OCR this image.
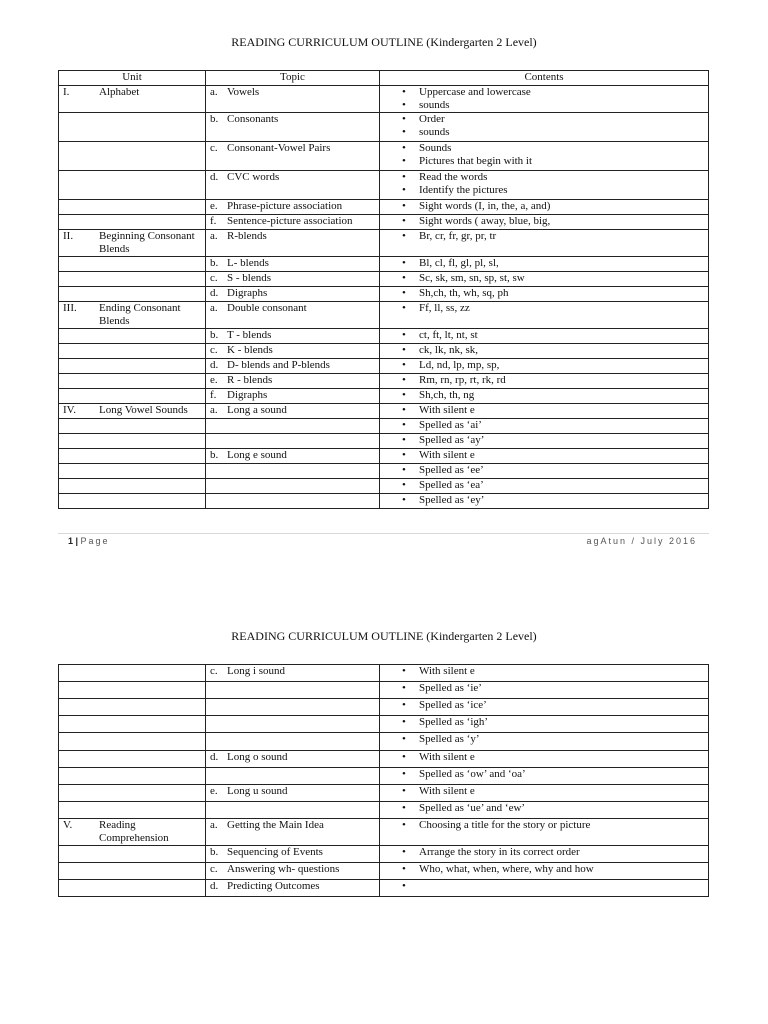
READING CURRICULUM OUTLINE (Kindergarten 2 Level)
Unit	Topic	Contents
I. Alphabet	a. Vowels	• Uppercase and lowercase
• sounds

	b. Consonants	• Order
• sounds

	c. Consonant-Vowel Pairs	• Sounds
• Pictures that begin with it

	d. CVC words	• Read the words
• Identify the pictures

	e. Phrase-picture association	• Sight words (I, in, the, a, and)

	f. Sentence-picture association	• Sight words ( away, blue, big,

II. Beginning Consonant Blends	a. R-blends	• Br, cr, fr, gr, pr, tr

	b. L- blends	• Bl, cl, fl, gl, pl, sl,

	c. S - blends	• Sc, sk, sm, sn, sp, st, sw

	d. Digraphs	• Sh,ch, th, wh, sq, ph

III. Ending Consonant Blends	a. Double consonant	• Ff, ll, ss, zz

	b. T - blends	• ct, ft, lt, nt, st

	c. K - blends	• ck, lk, nk, sk,

	d. D- blends and P-blends	• Ld, nd, lp, mp, sp,

	e. R - blends	• Rm, rn, rp, rt, rk, rd

	f. Digraphs	• Sh,ch, th, ng

IV. Long Vowel Sounds	a. Long a sound	• With silent e

		• Spelled as ‘ai’

		• Spelled as ‘ay’

	b. Long e sound	• With silent e

		• Spelled as ‘ee’

		• Spelled as ‘ea’

		• Spelled as ‘ey’
1 | Page	agAtun / July 2016
READING CURRICULUM OUTLINE (Kindergarten 2 Level)
	c. Long i sound	• With silent e

		• Spelled as ‘ie’

		• Spelled as ‘ice’

		• Spelled as ‘igh’

		• Spelled as ‘y’

	d. Long o sound	• With silent e

		• Spelled as ‘ow’ and ‘oa’

	e. Long u sound	• With silent e

		• Spelled as ‘ue’ and ‘ew’

V. Reading Comprehension	a. Getting the Main Idea	• Choosing a title for the story or picture

	b. Sequencing of Events	• Arrange the story in its correct order

	c. Answering wh- questions	• Who, what, when, where, why and how

	d. Predicting Outcomes	
